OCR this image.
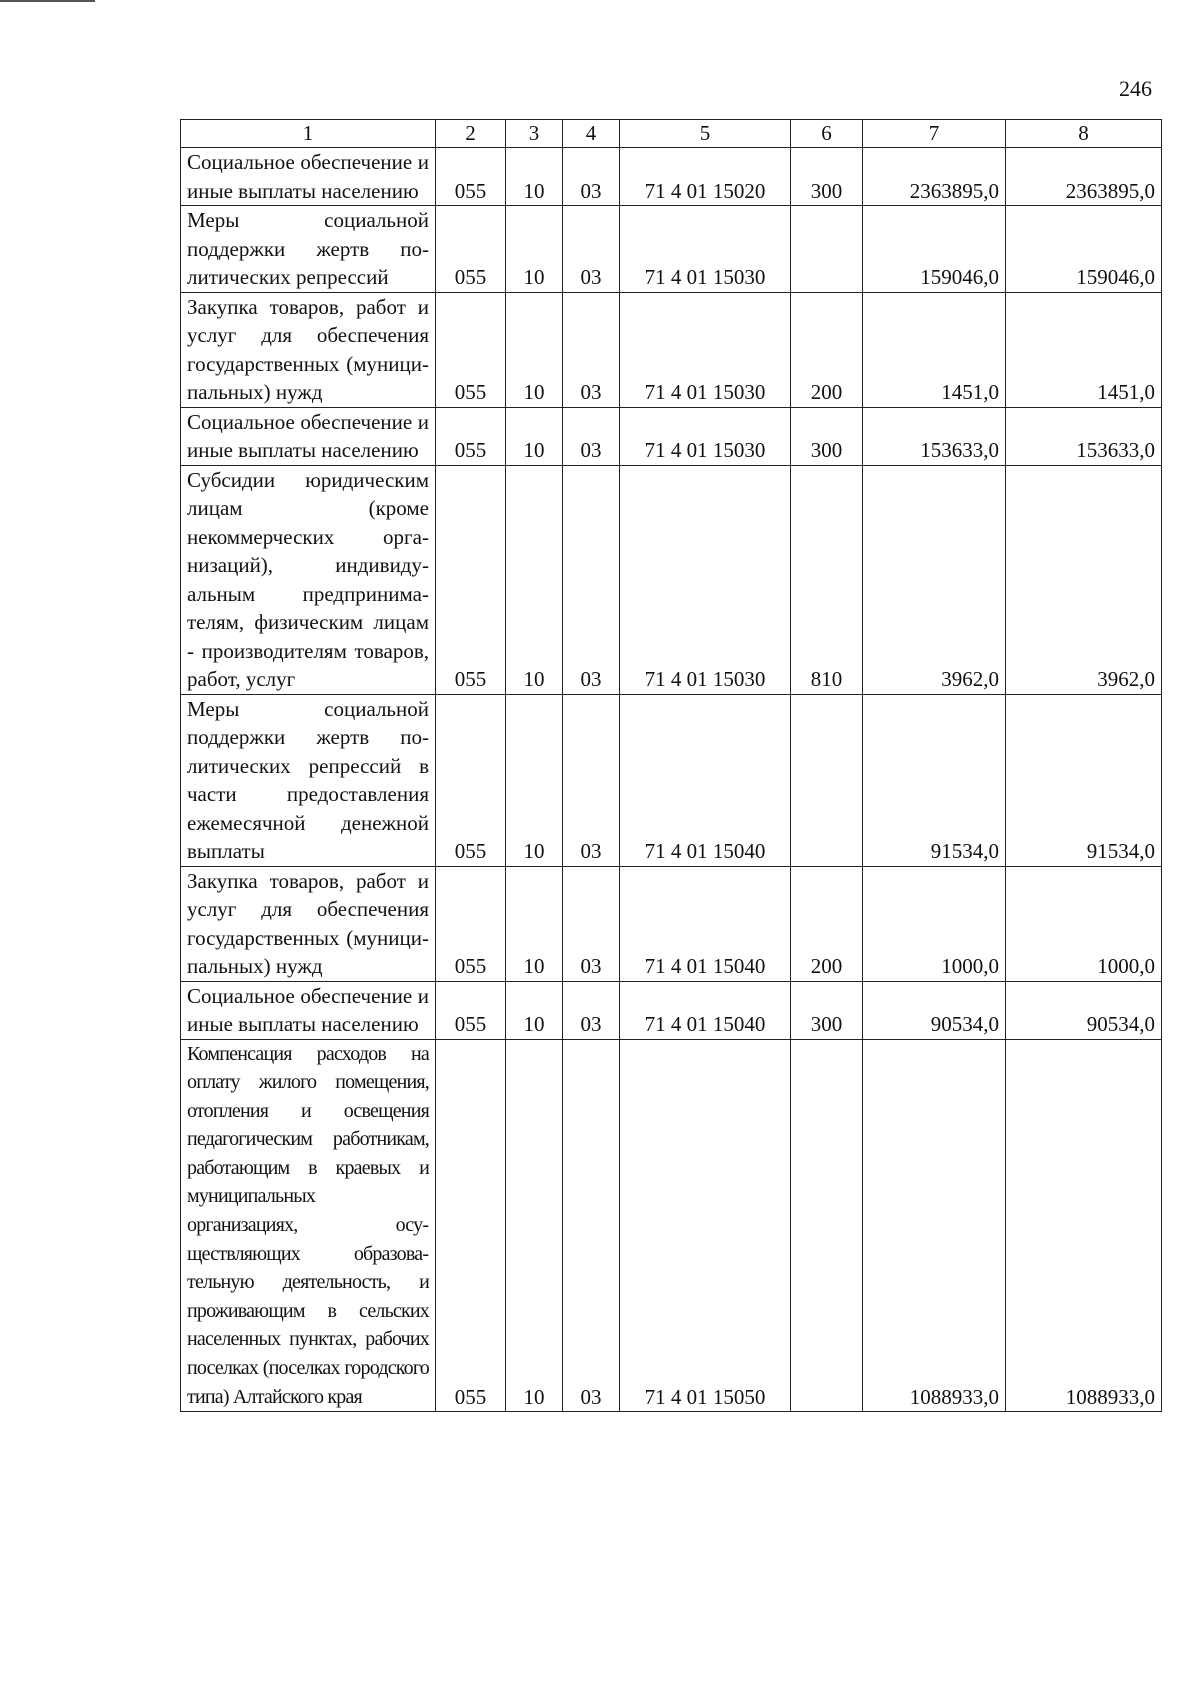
246
1	2	3	4	5	6	7	8
Социальное обеспечение и иные выплаты населению	055	10	03	71 4 01 15020	300	2363895,0	2363895,0
Меры социальной поддержки жертв политических репрессий	055	10	03	71 4 01 15030		159046,0	159046,0
Закупка товаров, работ и услуг для обеспечения государственных (муниципальных) нужд	055	10	03	71 4 01 15030	200	1451,0	1451,0
Социальное обеспечение и иные выплаты населению	055	10	03	71 4 01 15030	300	153633,0	153633,0
Субсидии юридическим лицам (кроме некоммерческих организаций), индивидуальным предпринимателям, физическим лицам - производителям товаров, работ, услуг	055	10	03	71 4 01 15030	810	3962,0	3962,0
Меры социальной поддержки жертв политических репрессий в части предоставления ежемесячной денежной выплаты	055	10	03	71 4 01 15040		91534,0	91534,0
Закупка товаров, работ и услуг для обеспечения государственных (муниципальных) нужд	055	10	03	71 4 01 15040	200	1000,0	1000,0
Социальное обеспечение и иные выплаты населению	055	10	03	71 4 01 15040	300	90534,0	90534,0
Компенсация расходов на оплату жилого помещения, отопления и освещения педагогическим работникам, работающим в краевых и муниципальных организациях, осуществляющих образовательную деятельность, и проживающим в сельских населенных пунктах, рабочих поселках (поселках городского типа) Алтайского края	055	10	03	71 4 01 15050		1088933,0	1088933,0
